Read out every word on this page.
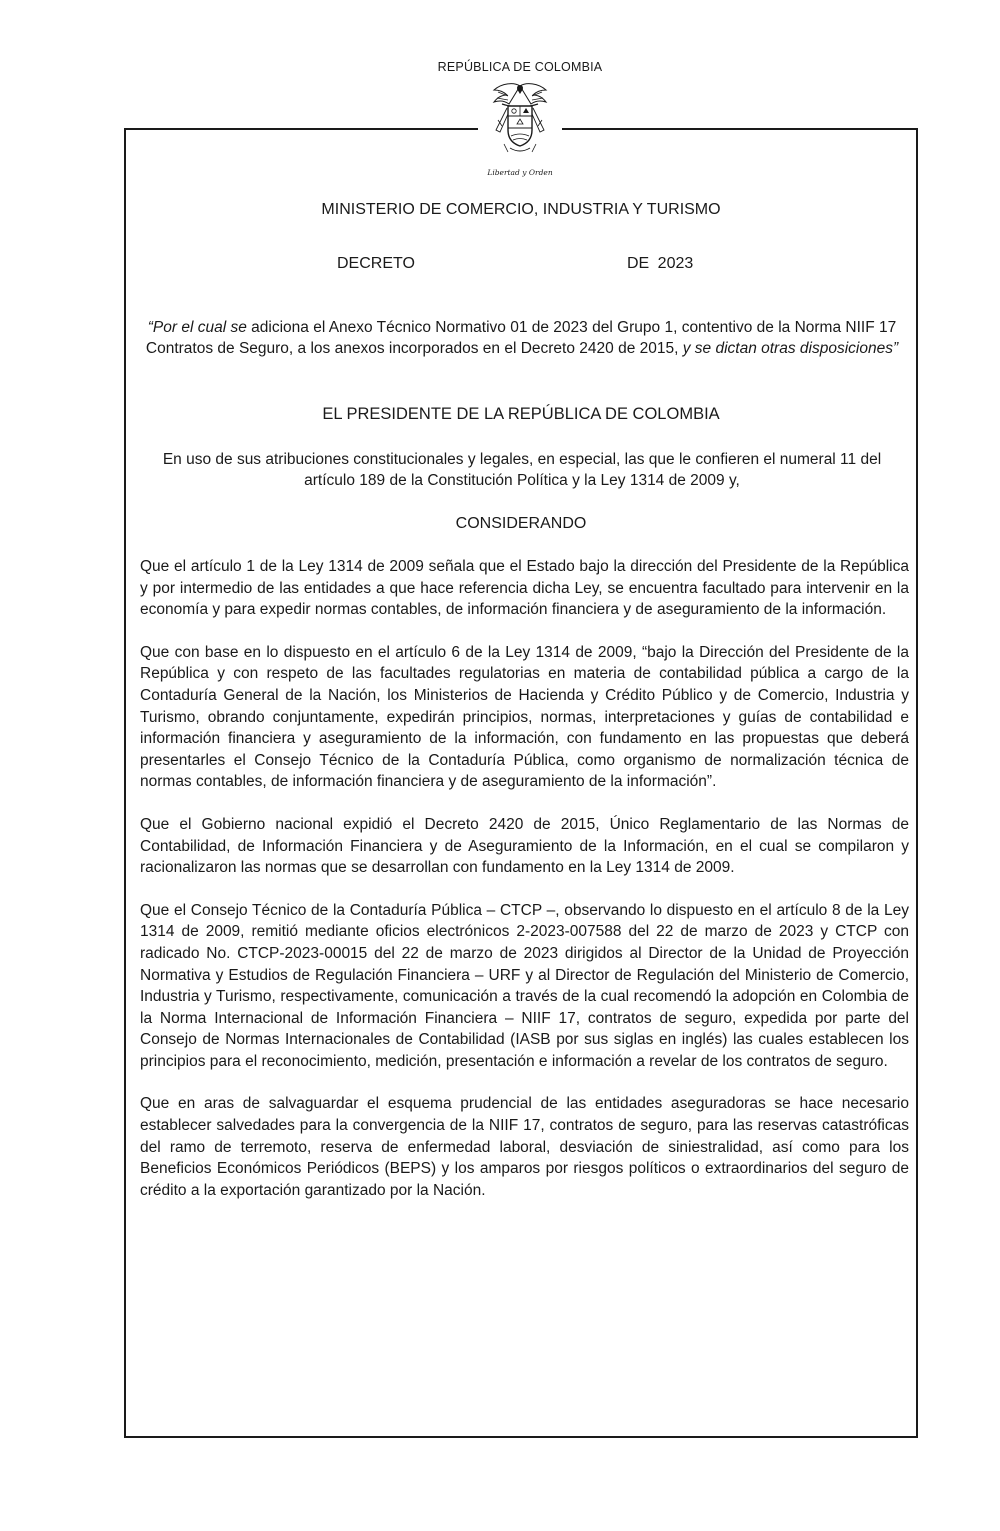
REPÚBLICA DE COLOMBIA
Libertad y Orden
MINISTERIO DE COMERCIO, INDUSTRIA Y TURISMO
DECRETO	DE 2023
“Por el cual se adiciona el Anexo Técnico Normativo 01 de 2023 del Grupo 1, contentivo de la Norma NIIF 17 Contratos de Seguro, a los anexos incorporados en el Decreto 2420 de 2015, y se dictan otras disposiciones”
EL PRESIDENTE DE LA REPÚBLICA DE COLOMBIA
En uso de sus atribuciones constitucionales y legales, en especial, las que le confieren el numeral 11 del artículo 189 de la Constitución Política y la Ley 1314 de 2009 y,
CONSIDERANDO

Que el artículo 1 de la Ley 1314 de 2009 señala que el Estado bajo la dirección del Presidente de la República y por intermedio de las entidades a que hace referencia dicha Ley, se encuentra facultado para intervenir en la economía y para expedir normas contables, de información financiera y de aseguramiento de la información.

Que con base en lo dispuesto en el artículo 6 de la Ley 1314 de 2009, “bajo la Dirección del Presidente de la República y con respeto de las facultades regulatorias en materia de contabilidad pública a cargo de la Contaduría General de la Nación, los Ministerios de Hacienda y Crédito Público y de Comercio, Industria y Turismo, obrando conjuntamente, expedirán principios, normas, interpretaciones y guías de contabilidad e información financiera y aseguramiento de la información, con fundamento en las propuestas que deberá presentarles el Consejo Técnico de la Contaduría Pública, como organismo de normalización técnica de normas contables, de información financiera y de aseguramiento de la información”.

Que el Gobierno nacional expidió el Decreto 2420 de 2015, Único Reglamentario de las Normas de Contabilidad, de Información Financiera y de Aseguramiento de la Información, en el cual se compilaron y racionalizaron las normas que se desarrollan con fundamento en la Ley 1314 de 2009.

Que el Consejo Técnico de la Contaduría Pública – CTCP –, observando lo dispuesto en el artículo 8 de la Ley 1314 de 2009, remitió mediante oficios electrónicos 2-2023-007588 del 22 de marzo de 2023 y CTCP con radicado No. CTCP-2023-00015 del 22 de marzo de 2023 dirigidos al Director de la Unidad de Proyección Normativa y Estudios de Regulación Financiera – URF y al Director de Regulación del Ministerio de Comercio, Industria y Turismo, respectivamente, comunicación a través de la cual recomendó la adopción en Colombia de la Norma Internacional de Información Financiera – NIIF 17, contratos de seguro, expedida por parte del Consejo de Normas Internacionales de Contabilidad (IASB por sus siglas en inglés) las cuales establecen los principios para el reconocimiento, medición, presentación e información a revelar de los contratos de seguro.

Que en aras de salvaguardar el esquema prudencial de las entidades aseguradoras se hace necesario establecer salvedades para la convergencia de la NIIF 17, contratos de seguro, para las reservas catastróficas del ramo de terremoto, reserva de enfermedad laboral, desviación de siniestralidad, así como para los Beneficios Económicos Periódicos (BEPS) y los amparos por riesgos políticos o extraordinarios del seguro de crédito a la exportación garantizado por la Nación.
